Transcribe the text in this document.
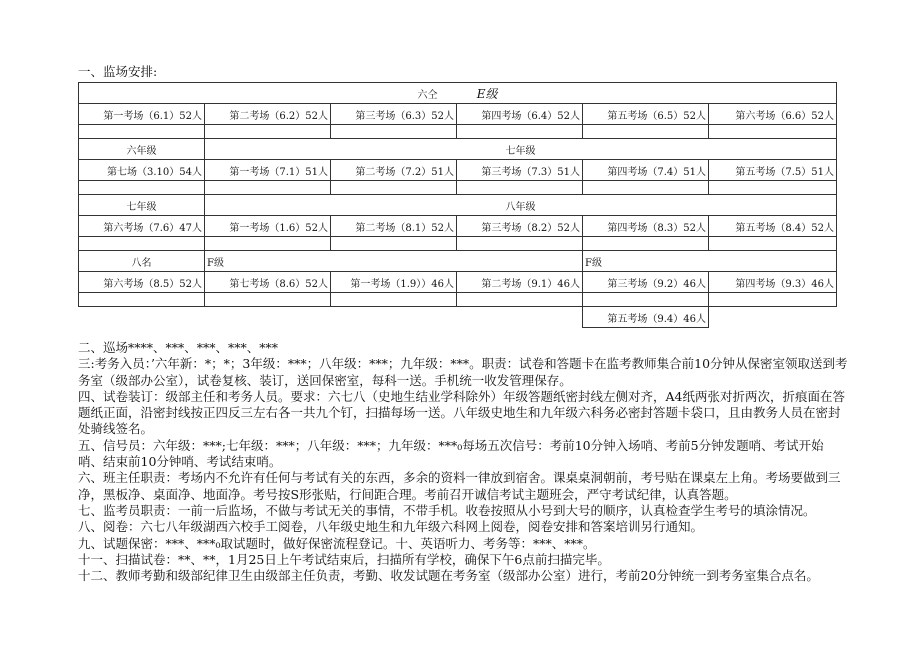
一、监场安排:
六仝 E级					
第一考场（6.1）52人	第二考场（6.2）52人	第三考场（6.3）52人	第四考场（6.4）52人	第五考场（6.5）52人	第六考场（6.6）52人

六年级	七年级				
第七场（3.10）54人	第一考场（7.1）51人	第二考场（7.2）51人	第三考场（7.3）51人	第四考场（7.4）51人	第五考场（7.5）51人

七年级	八年级				
第六考场（7.6）47人	第一考场（1.6）52人	第二考场（8.1）52人	第三考场（8.2）52人	第四考场（8.3）52人	第五考场（8.4）52人

八名	F级			F级	
第六考场（8.5）52人	第七考场（8.6）52人	第一考场（1.9））46人	第二考场（9.1）46人	第三考场（9.2）46人	第四考场（9.3）46人

				第五考场（9.4）46人	

二、巡场****、***、***、***、***

三:考务入员：’六年新：*；*；3年级：***；八年级：***；九年级：***。职责：试卷和答题卡在监考教师集合前10分钟从保密室领取送到考务室（级部办公室），试卷复核、装订，送回保密室，每科一送。手机统一收发管理保存。

四、试卷装订：级部主任和考务人员。要求：六七八（史地生结业学科除外）年级答题纸密封线左侧对齐，A4纸两张对折两次，折痕面在答题纸正面，沿密封线按正四反三左右各一共九个钉，扫描每场一送。八年级史地生和九年级六科务必密封答题卡袋口，且由教务人员在密封处骑线签名。

五、信号员：六年级：***;七年级：***；八年级：***；九年级：***₀每场五次信号：考前10分钟入场哨、考前5分钟发题哨、考试开始哨、结束前10分钟哨、考试结束哨。

六、班主任职责：考场内不允许有任何与考试有关的东西，多余的资料一律放到宿舍。课桌桌洞朝前，考号贴在课桌左上角。考场要做到三净，黑板净、桌面净、地面净。考号按S形张贴，行间距合理。考前召开诚信考试主题班会，严守考试纪律，认真答题。

七、监考员职责：一前一后监场，不做与考试无关的事情，不带手机。收卷按照从小号到大号的顺序，认真检查学生考号的填涂情况。

八、阅卷：六七八年级湖西六校手工阅卷，八年级史地生和九年级六科网上阅卷，阅卷安排和答案培训另行通知。

九、试题保密：***、***₀取试题时，做好保密流程登记。十、英语听力、考务等：***、***。

十一、扫描试卷：**、**，1月25日上午考试结束后，扫描所有学校，确保下午6点前扫描完毕。

十二、教师考勤和级部纪律卫生由级部主任负责，考勤、收发试题在考务室（级部办公室）进行，考前20分钟统一到考务室集合点名。
